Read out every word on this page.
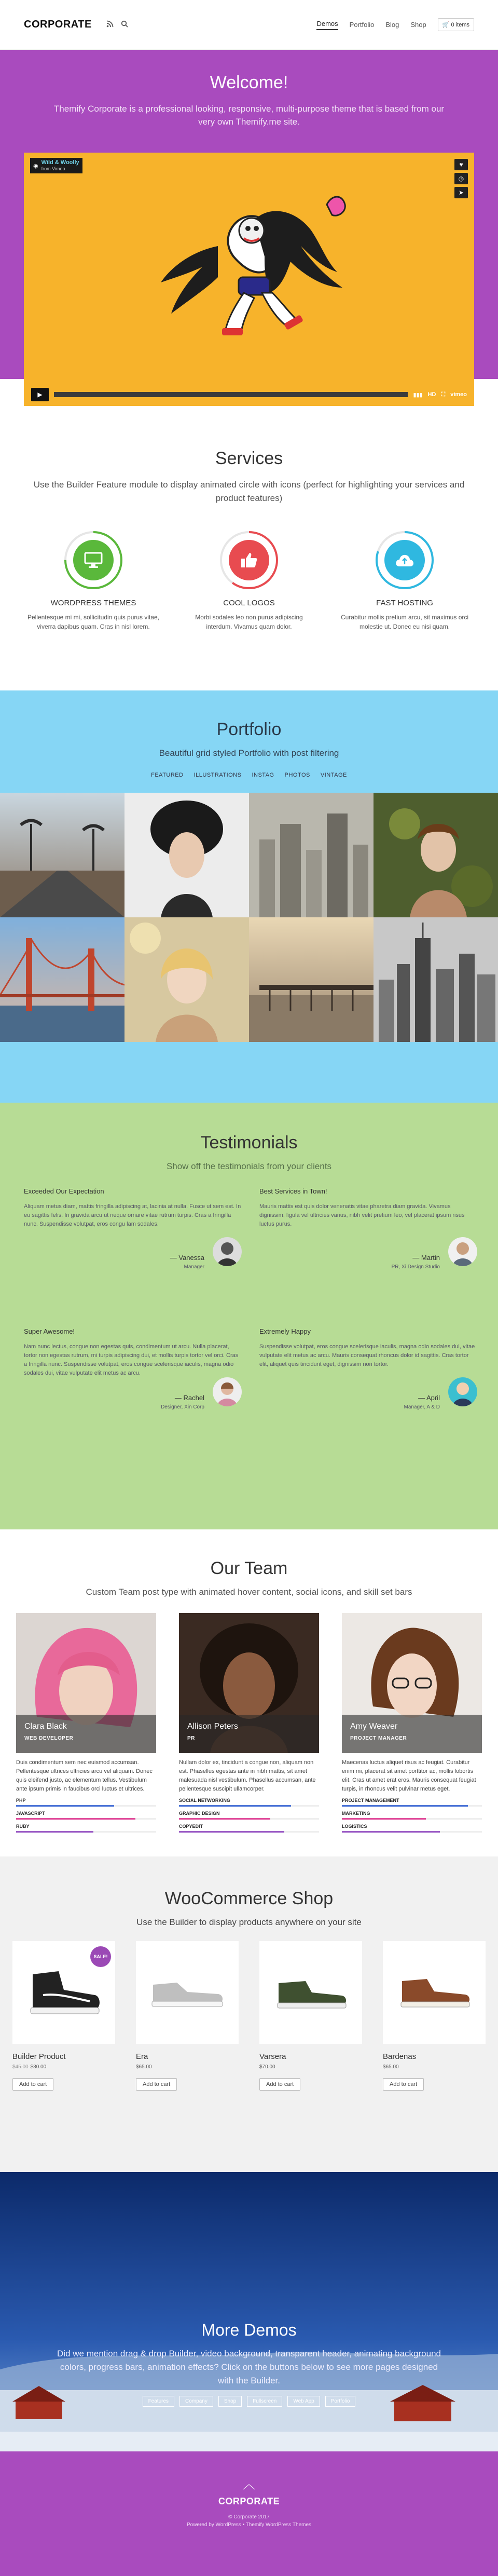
CORPORATE	Demos Portfolio Blog Shop	🛒 0 items
Welcome!

Themify Corporate is a professional looking, responsive, multi-purpose theme that is based from our very own Themify.me site.

◉
Wild & Woolly
from Vimeo
♥
◷
➤
▶	▮▮▮ HD ⛶ vimeo
Services
Use the Builder Feature module to display animated circle with icons (perfect for highlighting your services and product features)
WORDPRESS THEMES

Pellentesque mi mi, sollicitudin quis purus vitae, viverra dapibus quam. Cras in nisl lorem.

COOL LOGOS

Morbi sodales leo non purus adipiscing interdum. Vivamus quam dolor.

FAST HOSTING

Curabitur mollis pretium arcu, sit maximus orci molestie ut. Donec eu nisi quam.

Portfolio
Beautiful grid styled Portfolio with post filtering
FEATURED ILLUSTRATIONS INSTAG PHOTOS VINTAGE
Testimonials
Show off the testimonials from your clients
Exceeded Our Expectation

Aliquam metus diam, mattis fringilla adipiscing at, lacinia at nulla. Fusce ut sem est. In eu sagittis felis. In gravida arcu ut neque ornare vitae rutrum turpis. Cras a fringilla nunc. Suspendisse volutpat, eros congu lam sodales.

— Vanessa
Manager
Best Services in Town!

Mauris mattis est quis dolor venenatis vitae pharetra diam gravida. Vivamus dignissim, ligula vel ultricies varius, nibh velit pretium leo, vel placerat ipsum risus luctus purus.

— Martin
PR, Xi Design Studio
Super Awesome!

Nam nunc lectus, congue non egestas quis, condimentum ut arcu. Nulla placerat, tortor non egestas rutrum, mi turpis adipiscing dui, et mollis turpis tortor vel orci. Cras a fringilla nunc. Suspendisse volutpat, eros congue scelerisque iaculis, magna odio sodales dui, vitae vulputate elit metus ac arcu.

— Rachel
Designer, Xin Corp
Extremely Happy

Suspendisse volutpat, eros congue scelerisque iaculis, magna odio sodales dui, vitae vulputate elit metus ac arcu. Mauris consequat rhoncus dolor id sagittis. Cras tortor elit, aliquet quis tincidunt eget, dignissim non tortor.

— April
Manager, A & D
Our Team
Custom Team post type with animated hover content, social icons, and skill set bars
Clara Black
WEB DEVELOPER

Duis condimentum sem nec euismod accumsan. Pellentesque ultrices ultricies arcu vel aliquam. Donec quis eleifend justo, ac elementum tellus. Vestibulum ante ipsum primis in faucibus orci luctus et ultrices.

PHP
JAVASCRIPT
RUBY
Allison Peters
PR

Nullam dolor ex, tincidunt a congue non, aliquam non est. Phasellus egestas ante in nibh mattis, sit amet malesuada nisl vestibulum. Phasellus accumsan, ante pellentesque suscipit ullamcorper.

SOCIAL NETWORKING
GRAPHIC DESIGN
COPYEDIT
Amy Weaver
PROJECT MANAGER

Maecenas luctus aliquet risus ac feugiat. Curabitur enim mi, placerat sit amet porttitor ac, mollis lobortis elit. Cras ut amet erat eros. Mauris consequat feugiat turpis, in rhoncus velit pulvinar metus eget.

PROJECT MANAGEMENT
MARKETING
LOGISTICS
WooCommerce Shop
Use the Builder to display products anywhere on your site
SALE!
Builder Product
$45.00 $30.00
Add to cart
Era
$65.00
Add to cart
Varsera
$70.00
Add to cart
Bardenas
$65.00
Add to cart
More Demos

Did we mention drag & drop Builder, video background, transparent header, animating background colors, progress bars, animation effects? Click on the buttons below to see more pages designed with the Builder.

Features	Company	Shop	Fullscreen	Web App	Portfolio
︿
CORPORATE
© Corporate 2017
Powered by WordPress • Themify WordPress Themes
